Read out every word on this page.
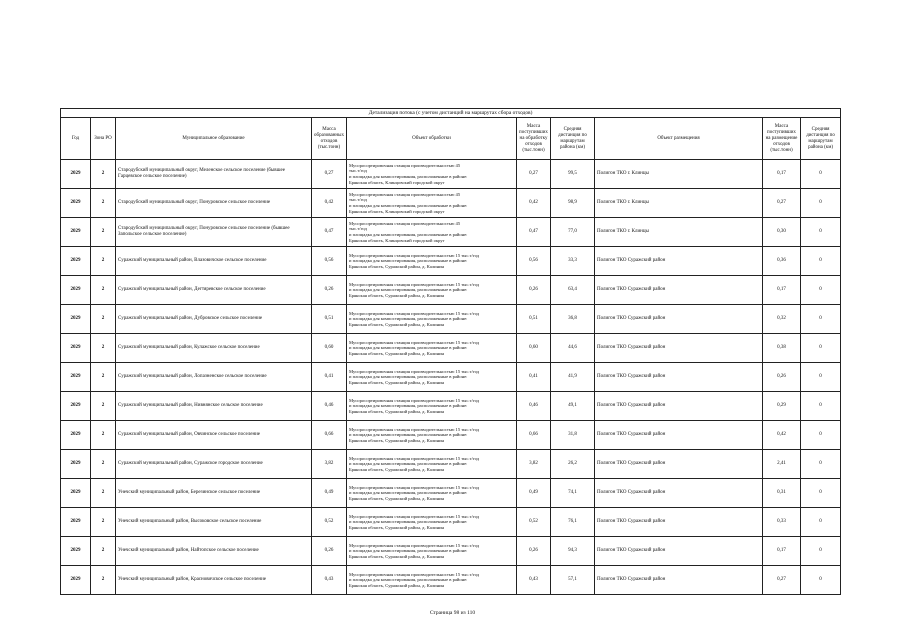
Детализация потока (с учетом дистанций на маршрутах сбора отходов)									
Год	Зона РО	Муниципальное образование	Масса образованных отходов (тыс.тонн)	Объект обработки	Масса поступивших на обработку отходов (тыс.тонн)	Средняя дистанция по маршрутам района (км)	Объект размещения	Масса поступивших на размещение отходов (тыс.тонн)	Средняя дистанция по маршрутам района (км)
2029	2	Стародубский муниципальный округ, Меленское сельское поселение (бывшее Гарцевское сельское поселение)	0,27	Мусоросортировочная станция производительностью 45
тыс.т/год
и площадка для компостирования, расположенные в районе:
Брянская область, Клинцовский городской округ	0,27	99,5	Полигон ТКО г. Клинцы	0,17	0
2029	2	Стародубский муниципальный округ, Понуровское сельское поселение	0,42	Мусоросортировочная станция производительностью 45
тыс.т/год
и площадка для компостирования, расположенные в районе:
Брянская область, Клинцовский городской округ	0,42	98,9	Полигон ТКО г. Клинцы	0,27	0
2029	2	Стародубский муниципальный округ, Понуровское сельское поселение (бывшее Запольское сельское поселение)	0,47	Мусоросортировочная станция производительностью 45
тыс.т/год
и площадка для компостирования, расположенные в районе:
Брянская область, Клинцовский городской округ	0,47	77,0	Полигон ТКО г. Клинцы	0,30	0
2029	2	Суражский муниципальный район, Влазовичское сельское поселение	0,56	Мусоросортировочная станция производительностью 15 тыс.т/год
и площадка для компостирования, расположенные в районе:
Брянская область, Суражский район, д. Калинин	0,56	33,3	Полигон ТКО Суражский район	0,36	0
2029	2	Суражский муниципальный район, Дегтяревское сельское поселение	0,26	Мусоросортировочная станция производительностью 15 тыс.т/год
и площадка для компостирования, расположенные в районе:
Брянская область, Суражский район, д. Калинин	0,26	63,4	Полигон ТКО Суражский район	0,17	0
2029	2	Суражский муниципальный район, Дубровское сельское поселение	0,51	Мусоросортировочная станция производительностью 15 тыс.т/год
и площадка для компостирования, расположенные в районе:
Брянская область, Суражский район, д. Калинин	0,51	36,8	Полигон ТКО Суражский район	0,32	0
2029	2	Суражский муниципальный район, Кулажское сельское поселение	0,60	Мусоросортировочная станция производительностью 15 тыс.т/год
и площадка для компостирования, расположенные в районе:
Брянская область, Суражский район, д. Калинин	0,60	44,6	Полигон ТКО Суражский район	0,38	0
2029	2	Суражский муниципальный район, Лопазненское сельское поселение	0,41	Мусоросортировочная станция производительностью 15 тыс.т/год
и площадка для компостирования, расположенные в районе:
Брянская область, Суражский район, д. Калинин	0,41	41,9	Полигон ТКО Суражский район	0,26	0
2029	2	Суражский муниципальный район, Нивнянское сельское поселение	0,46	Мусоросортировочная станция производительностью 15 тыс.т/год
и площадка для компостирования, расположенные в районе:
Брянская область, Суражский район, д. Калинин	0,46	49,1	Полигон ТКО Суражский район	0,29	0
2029	2	Суражский муниципальный район, Овчинское сельское поселение	0,66	Мусоросортировочная станция производительностью 15 тыс.т/год
и площадка для компостирования, расположенные в районе:
Брянская область, Суражский район, д. Калинин	0,66	31,8	Полигон ТКО Суражский район	0,42	0
2029	2	Суражский муниципальный район, Суражское городское поселение	3,82	Мусоросортировочная станция производительностью 15 тыс.т/год
и площадка для компостирования, расположенные в районе:
Брянская область, Суражский район, д. Калинин	3,82	26,2	Полигон ТКО Суражский район	2,41	0
2029	2	Унечский муниципальный район, Березинское сельское поселение	0,49	Мусоросортировочная станция производительностью 15 тыс.т/год
и площадка для компостирования, расположенные в районе:
Брянская область, Суражский район, д. Калинин	0,49	74,1	Полигон ТКО Суражский район	0,31	0
2029	2	Унечский муниципальный район, Высоковское сельское поселение	0,52	Мусоросортировочная станция производительностью 15 тыс.т/год
и площадка для компостирования, расположенные в районе:
Брянская область, Суражский район, д. Калинин	0,52	76,1	Полигон ТКО Суражский район	0,33	0
2029	2	Унечский муниципальный район, Найтопское сельское поселение	0,26	Мусоросортировочная станция производительностью 15 тыс.т/год
и площадка для компостирования, расположенные в районе:
Брянская область, Суражский район, д. Калинин	0,26	94,3	Полигон ТКО Суражский район	0,17	0
2029	2	Унечский муниципальный район, Красновичское сельское поселение	0,43	Мусоросортировочная станция производительностью 15 тыс.т/год
и площадка для компостирования, расположенные в районе:
Брянская область, Суражский район, д. Калинин	0,43	57,1	Полигон ТКО Суражский район	0,27	0
Страница 98 из 110
